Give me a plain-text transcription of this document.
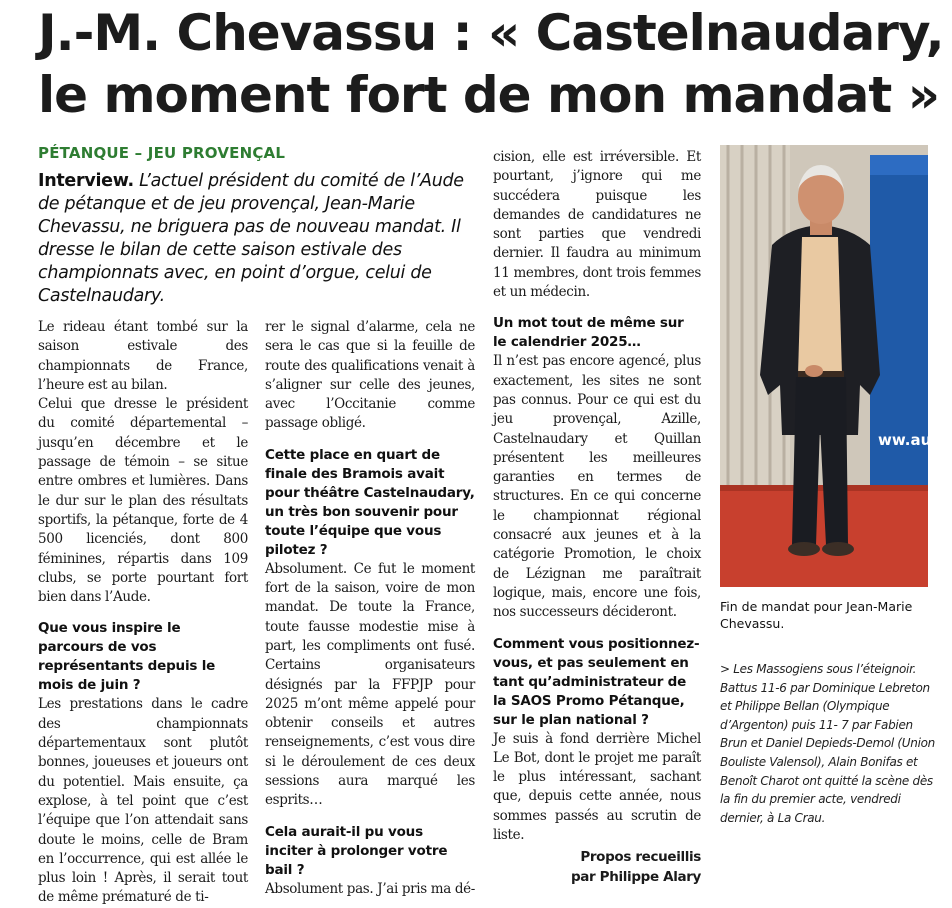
J.-M. Chevassu : « Castelnaudary,
le moment fort de mon mandat »
PÉTANQUE – JEU PROVENÇAL
Interview. L’actuel président du comité de l’Aude de pétanque et de jeu provençal, Jean-Marie Chevassu, ne briguera pas de nouveau mandat. Il dresse le bilan de cette saison estivale des championnats avec, en point d’orgue, celui de Castelnaudary.

Le rideau étant tombé sur la saison estivale des championnats de France, l’heure est au bilan.

Celui que dresse le président du comité départemental – jusqu’en décembre et le passage de témoin – se situe entre ombres et lumières. Dans le dur sur le plan des résultats sportifs, la pétanque, forte de 4 500 licenciés, dont 800 féminines, répartis dans 109 clubs, se porte pourtant fort bien dans l’Aude.

Que vous inspire le parcours de vos représentants depuis le mois de juin ?

Les prestations dans le cadre des championnats départementaux sont plutôt bonnes, joueuses et joueurs ont du potentiel. Mais ensuite, ça explose, à tel point que c’est l’équipe que l’on attendait sans doute le moins, celle de Bram en l’occurrence, qui est allée le plus loin ! Après, il serait tout de même prématuré de ti-

rer le signal d’alarme, cela ne sera le cas que si la feuille de route des qualifications venait à s’aligner sur celle des jeunes, avec l’Occitanie comme passage obligé.

Cette place en quart de finale des Bramois avait pour théâtre Castelnaudary, un très bon souvenir pour toute l’équipe que vous pilotez ?

Absolument. Ce fut le moment fort de la saison, voire de mon mandat. De toute la France, toute fausse modestie mise à part, les compliments ont fusé. Certains organisateurs désignés par la FFPJP pour 2025 m’ont même appelé pour obtenir conseils et autres renseignements, c’est vous dire si le déroulement de ces deux sessions aura marqué les esprits…

Cela aurait-il pu vous inciter à prolonger votre bail ?

Absolument pas. J’ai pris ma dé-

cision, elle est irréversible. Et pourtant, j’ignore qui me succédera puisque les demandes de candidatures ne sont parties que vendredi dernier. Il faudra au minimum 11 membres, dont trois femmes et un médecin.

Un mot tout de même sur le calendrier 2025…

Il n’est pas encore agencé, plus exactement, les sites ne sont pas connus. Pour ce qui est du jeu provençal, Azille, Castelnaudary et Quillan présentent les meilleures garanties en termes de structures. En ce qui concerne le championnat régional consacré aux jeunes et à la catégorie Promotion, le choix de Lézignan me paraîtrait logique, mais, encore une fois, nos successeurs décideront.

Comment vous positionnez-vous, et pas seulement en tant qu’administrateur de la SAOS Promo Pétanque, sur le plan national ?

Je suis à fond derrière Michel Le Bot, dont le projet me paraît le plus intéressant, sachant que, depuis cette année, nous sommes passés au scrutin de liste.

Propos recueillis
par Philippe Alary
ww.au
Fin de mandat pour Jean-Marie Chevassu.
> Les Massogiens sous l’éteignoir. Battus 11-6 par Dominique Lebreton et Philippe Bellan (Olympique d’Argenton) puis 11- 7 par Fabien Brun et Daniel Depieds-Demol (Union Bouliste Valensol), Alain Bonifas et Benoît Charot ont quitté la scène dès la fin du premier acte, vendredi dernier, à La Crau.
